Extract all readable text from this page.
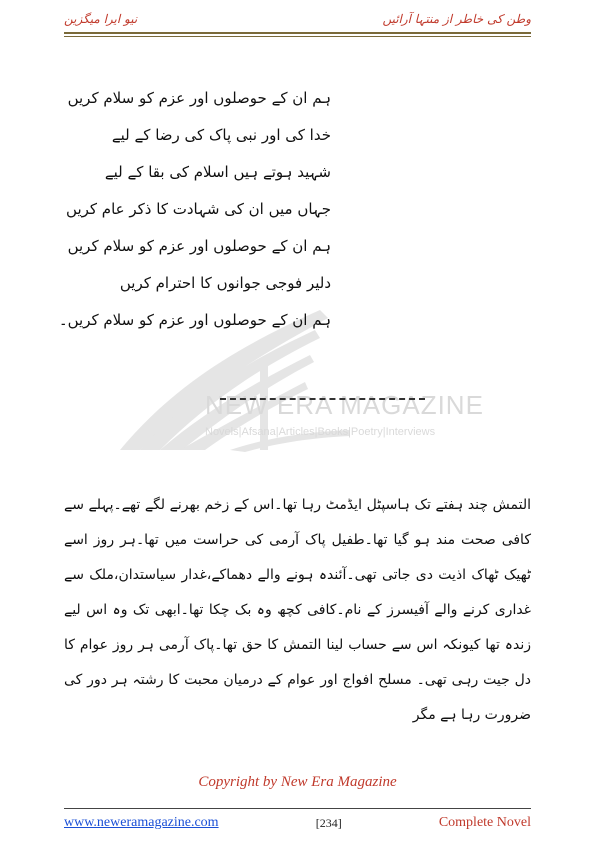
نیو ایرا میگزین	وطن کی خاطر از منتہا آرائیں
NEW ERA MAGAZINE
Novels|Afsana|Articles|Books|Poetry|Interviews
ہم ان کے حوصلوں اور عزم کو سلام کریں
خدا کی اور نبی پاک کی رضا کے لیے
شہید ہوتے ہیں اسلام کی بقا کے لیے
جہاں میں ان کی شہادت کا ذکر عام کریں
ہم ان کے حوصلوں اور عزم کو سلام کریں
دلیر فوجی جوانوں کا احترام کریں
ہم ان کے حوصلوں اور عزم کو سلام کریں۔
التمش چند ہفتے تک ہاسپٹل ایڈمٹ رہا تھا۔اس کے زخم بھرنے لگے تھے۔پہلے سے کافی صحت مند ہو گیا تھا۔طفیل پاک آرمی کی حراست میں تھا۔ہر روز اسے ٹھیک ٹھاک اذیت دی جاتی تھی۔آئندہ ہونے والے دھماکے،غدار سیاستدان،ملک سے غداری کرنے والے آفیسرز کے نام۔کافی کچھ وہ بک چکا تھا۔ابھی تک وہ اس لیے زندہ تھا کیونکہ اس سے حساب لینا التمش کا حق تھا۔پاک آرمی ہر روز عوام کا دل جیت رہی تھی۔ مسلح افواج اور عوام کے درمیان محبت کا رشتہ ہر دور کی ضرورت رہا ہے مگر
Copyright by New Era Magazine
www.neweramagazine.com	[234]	Complete Novel
